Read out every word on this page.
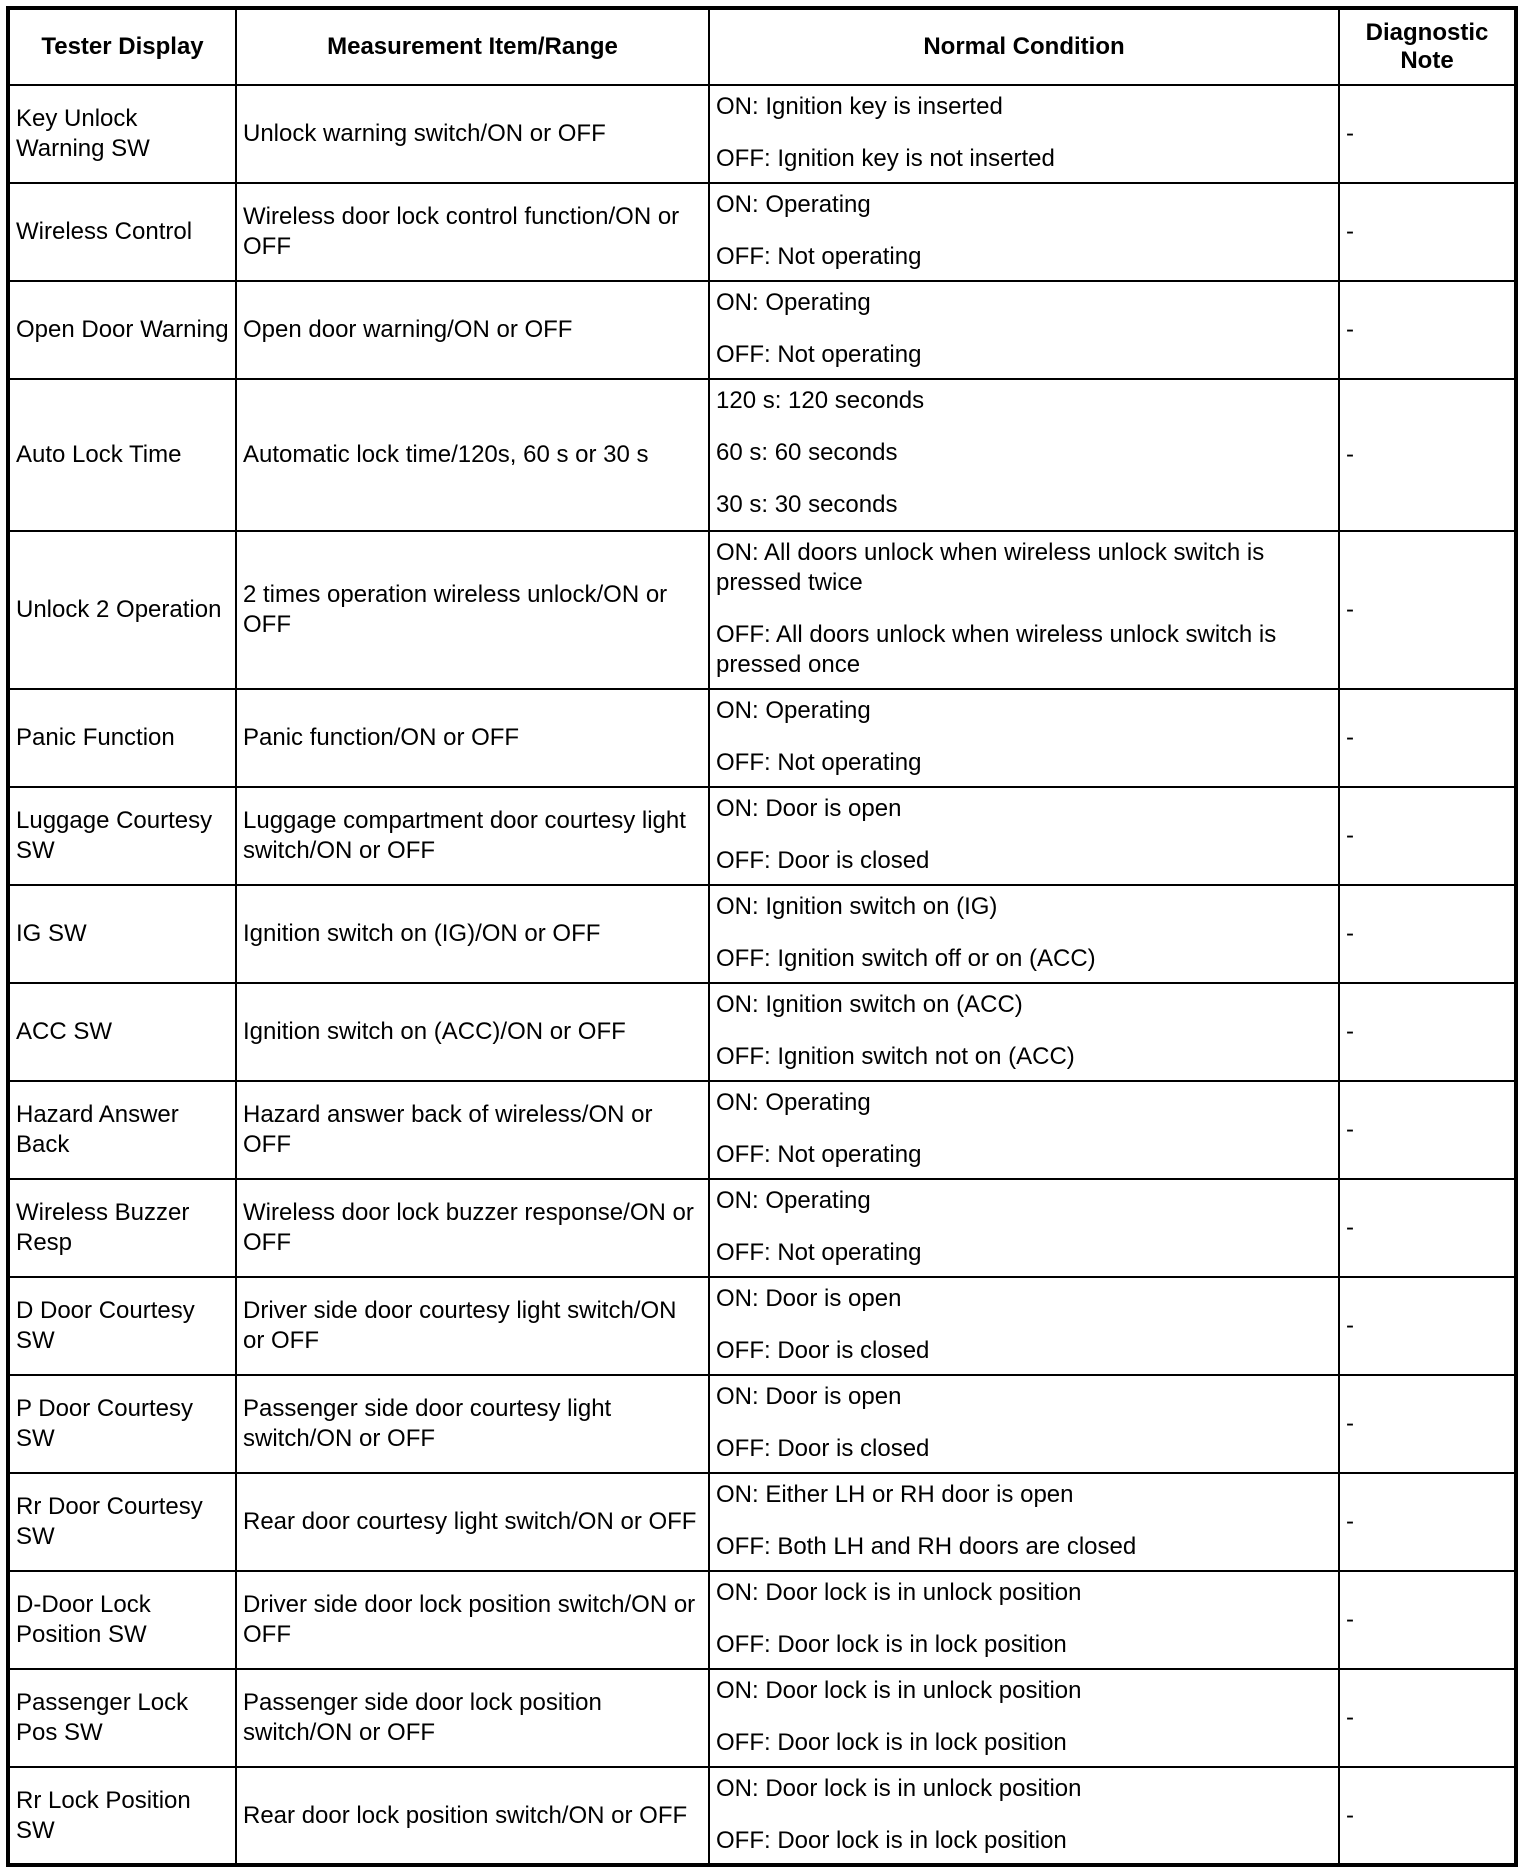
Tester Display	Measurement Item/Range	Normal Condition	Diagnostic Note
Key Unlock Warning SW	Unlock warning switch/ON or OFF	ON: Ignition key is inserted
OFF: Ignition key is not inserted	-
Wireless Control	Wireless door lock control function/ON or OFF	ON: Operating
OFF: Not operating	-
Open Door Warning	Open door warning/ON or OFF	ON: Operating
OFF: Not operating	-
Auto Lock Time	Automatic lock time/120s, 60 s or 30 s	120 s: 120 seconds
60 s: 60 seconds
30 s: 30 seconds	-
Unlock 2 Operation	2 times operation wireless unlock/ON or OFF	ON: All doors unlock when wireless unlock switch is pressed twice
OFF: All doors unlock when wireless unlock switch is pressed once	-
Panic Function	Panic function/ON or OFF	ON: Operating
OFF: Not operating	-
Luggage Courtesy SW	Luggage compartment door courtesy light switch/ON or OFF	ON: Door is open
OFF: Door is closed	-
IG SW	Ignition switch on (IG)/ON or OFF	ON: Ignition switch on (IG)
OFF: Ignition switch off or on (ACC)	-
ACC SW	Ignition switch on (ACC)/ON or OFF	ON: Ignition switch on (ACC)
OFF: Ignition switch not on (ACC)	-
Hazard Answer Back	Hazard answer back of wireless/ON or OFF	ON: Operating
OFF: Not operating	-
Wireless Buzzer Resp	Wireless door lock buzzer response/ON or OFF	ON: Operating
OFF: Not operating	-
D Door Courtesy SW	Driver side door courtesy light switch/ON or OFF	ON: Door is open
OFF: Door is closed	-
P Door Courtesy SW	Passenger side door courtesy light switch/ON or OFF	ON: Door is open
OFF: Door is closed	-
Rr Door Courtesy SW	Rear door courtesy light switch/ON or OFF	ON: Either LH or RH door is open
OFF: Both LH and RH doors are closed	-
D-Door Lock Position SW	Driver side door lock position switch/ON or OFF	ON: Door lock is in unlock position
OFF: Door lock is in lock position	-
Passenger Lock Pos SW	Passenger side door lock position switch/ON or OFF	ON: Door lock is in unlock position
OFF: Door lock is in lock position	-
Rr Lock Position SW	Rear door lock position switch/ON or OFF	ON: Door lock is in unlock position
OFF: Door lock is in lock position	-
